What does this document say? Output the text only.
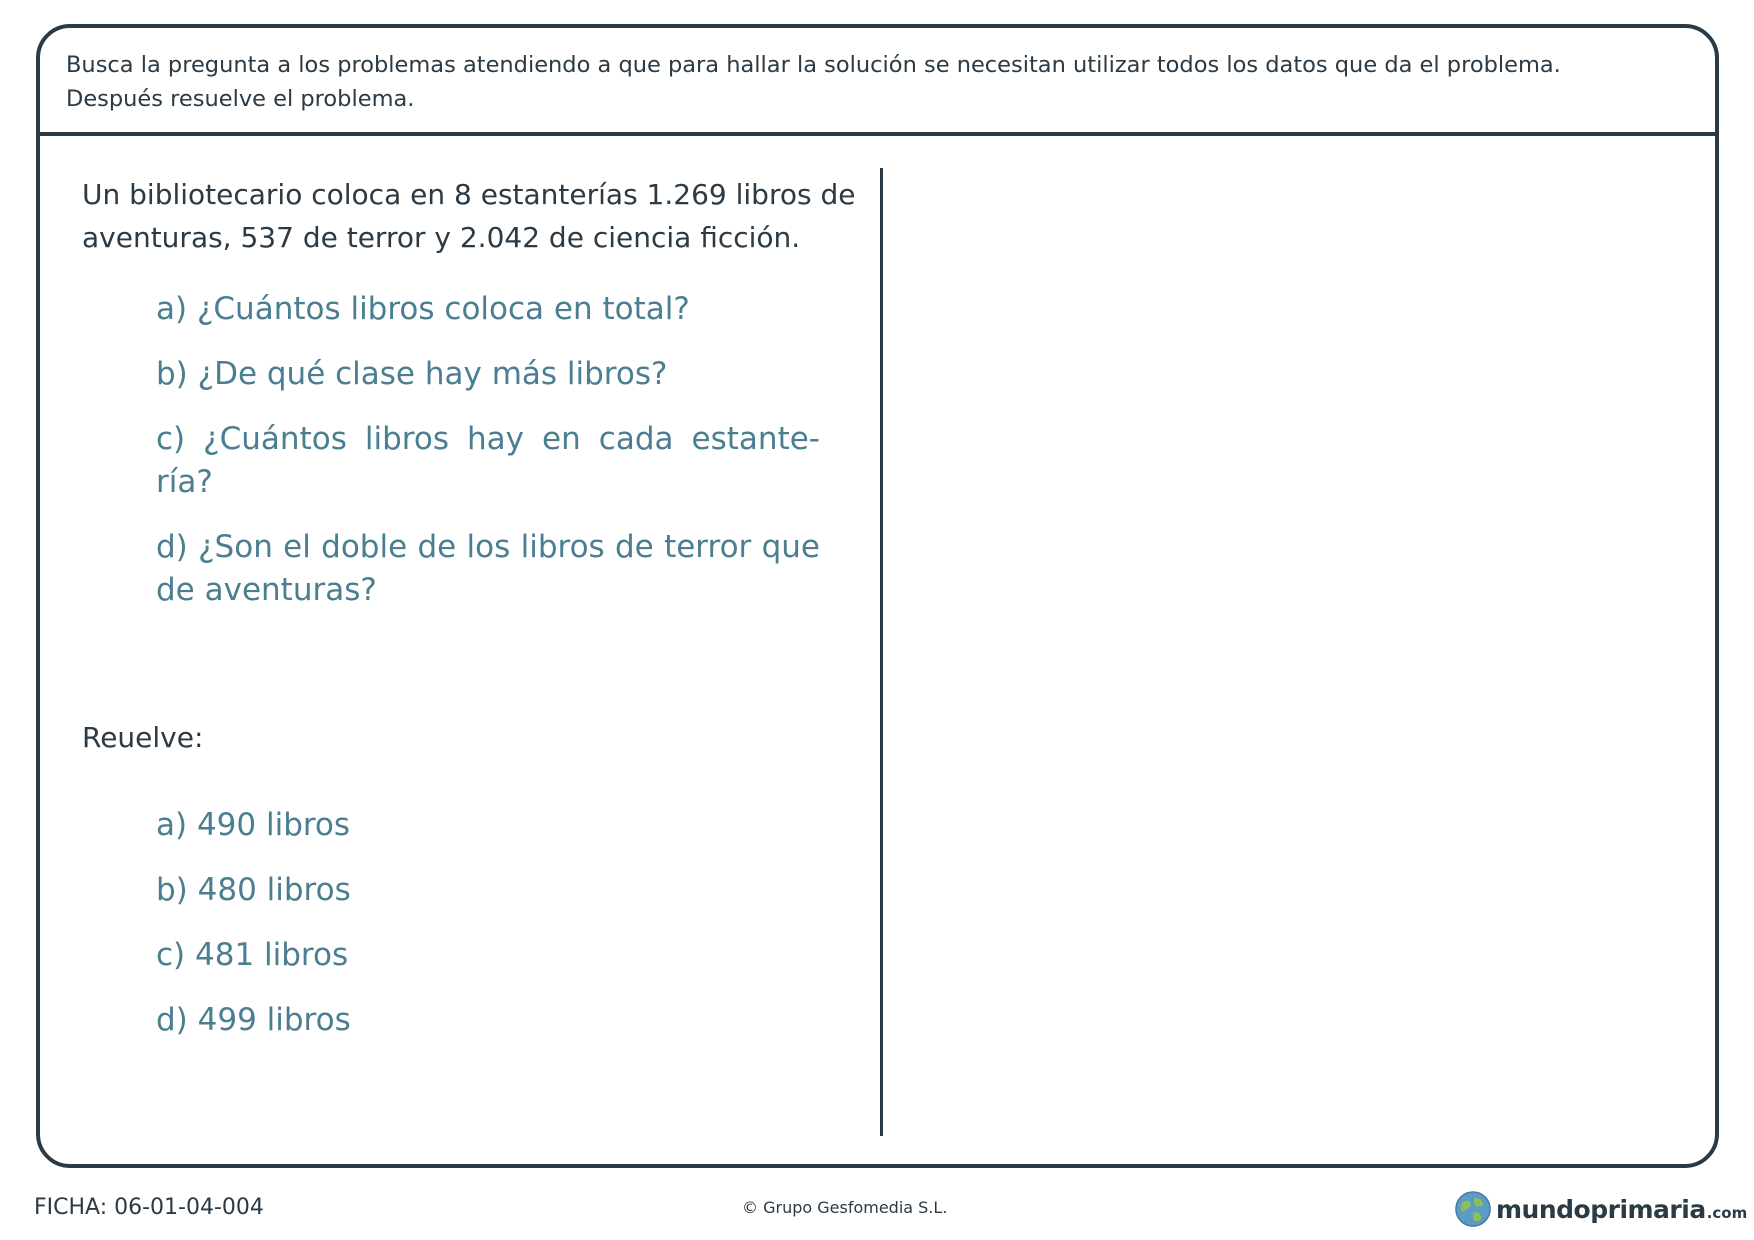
Busca la pregunta a los problemas atendiendo a que para hallar la solución se necesitan utilizar todos los datos que da el problema.

Después resuelve el problema.

Un bibliotecario coloca en 8 estanterías 1.269 libros de aventuras, 537 de terror y 2.042 de ciencia ficción.

a) ¿Cuántos libros coloca en total?
b) ¿De qué clase hay más libros?
c) ¿Cuántos libros hay en cada estante-ría?
d) ¿Son el doble de los libros de terror que de aventuras?

Reuelve:

a) 490 libros
b) 480 libros
c) 481 libros
d) 499 libros
FICHA: 06-01-04-004	© Grupo Gesfomedia S.L.	mundoprimaria .com
